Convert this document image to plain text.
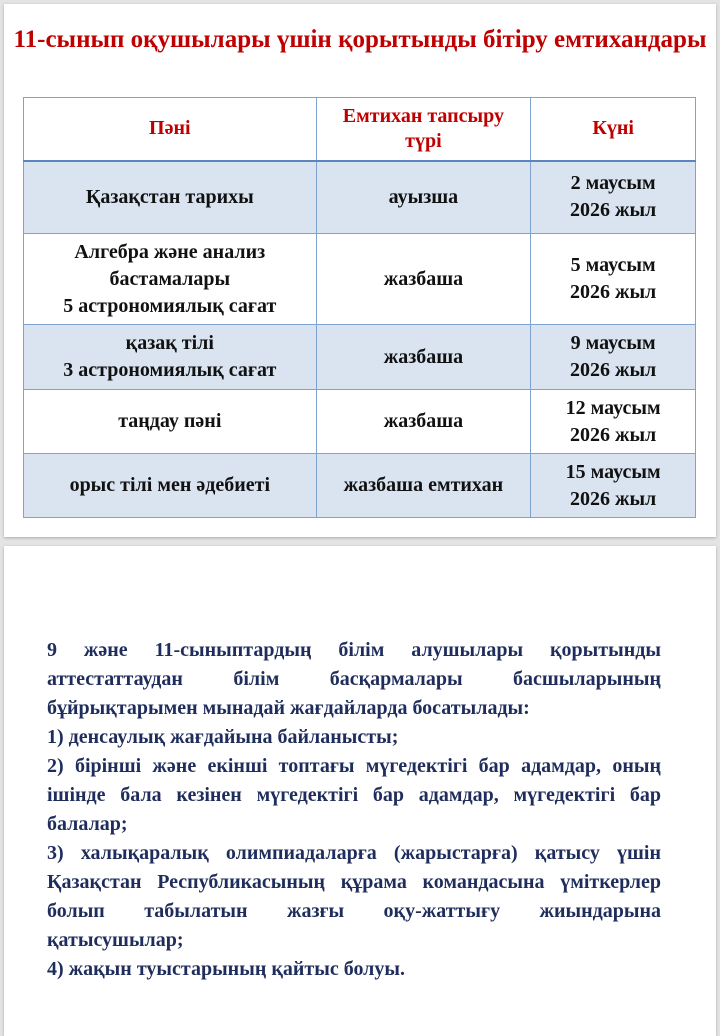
11-сынып оқушылары үшін қорытынды бітіру емтихандары
Пәні	Емтихан тапсыру түрі	Күні

Қазақстан тарихы	ауызша	2 маусым
2026 жыл

Алгебра және анализ
бастамалары
5 астрономиялық сағат	жазбаша	5 маусым
2026 жыл

қазақ тілі
3 астрономиялық сағат	жазбаша	9 маусым
2026 жыл

таңдау пәні	жазбаша	12 маусым
2026 жыл

орыс тілі мен әдебиеті	жазбаша емтихан	15 маусым
2026 жыл

9 және 11-сыныптардың білім алушылары қорытынды аттестаттаудан білім басқармалары басшыларының бұйрықтарымен мынадай жағдайларда босатылады:

1) денсаулық жағдайына байланысты;

2) бірінші және екінші топтағы мүгедектігі бар адамдар, оның ішінде бала кезінен мүгедектігі бар адамдар, мүгедектігі бар балалар;

3) халықаралық олимпиадаларға (жарыстарға) қатысу үшін Қазақстан Республикасының құрама командасына үміткерлер болып табылатын жазғы оқу-жаттығу жиындарына қатысушылар;

4) жақын туыстарының қайтыс болуы.
